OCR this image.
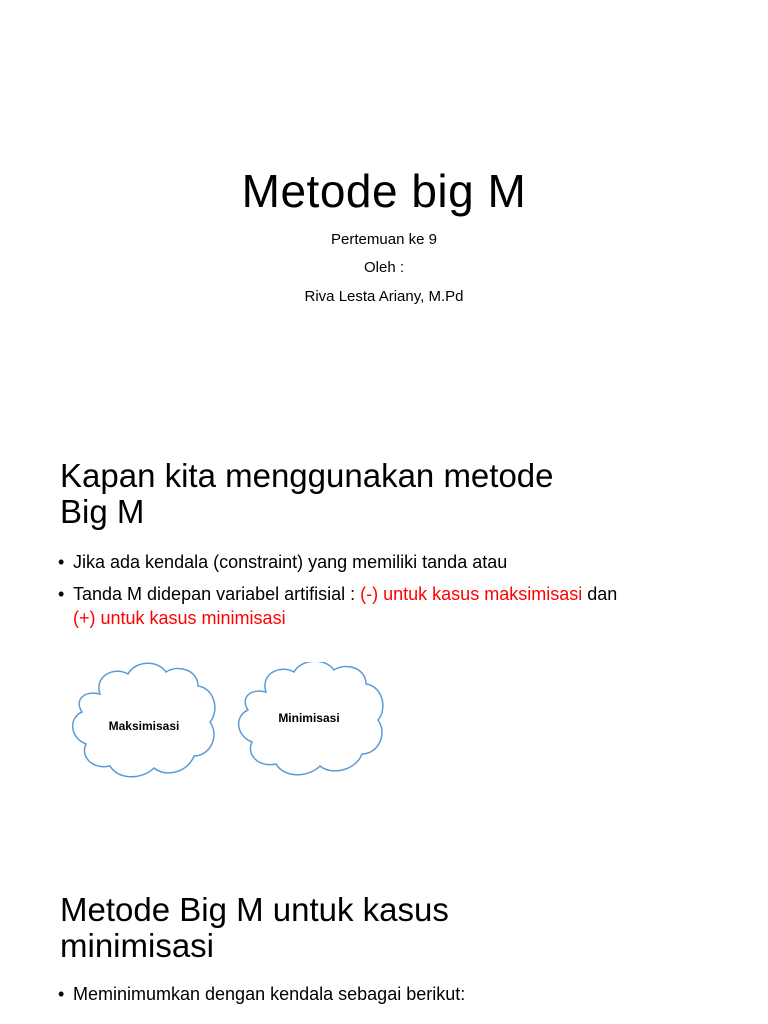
Metode big M
Pertemuan ke 9
Oleh :
Riva Lesta Ariany, M.Pd
Kapan kita menggunakan metode
Big M
• Jika ada kendala (constraint) yang memiliki tanda atau
• Tanda M didepan variabel artifisial : (-) untuk kasus maksimisasi dan
(+) untuk kasus minimisasi
Maksimisasi
Minimisasi
Metode Big M untuk kasus
minimisasi
• Meminimumkan dengan kendala sebagai berikut:
